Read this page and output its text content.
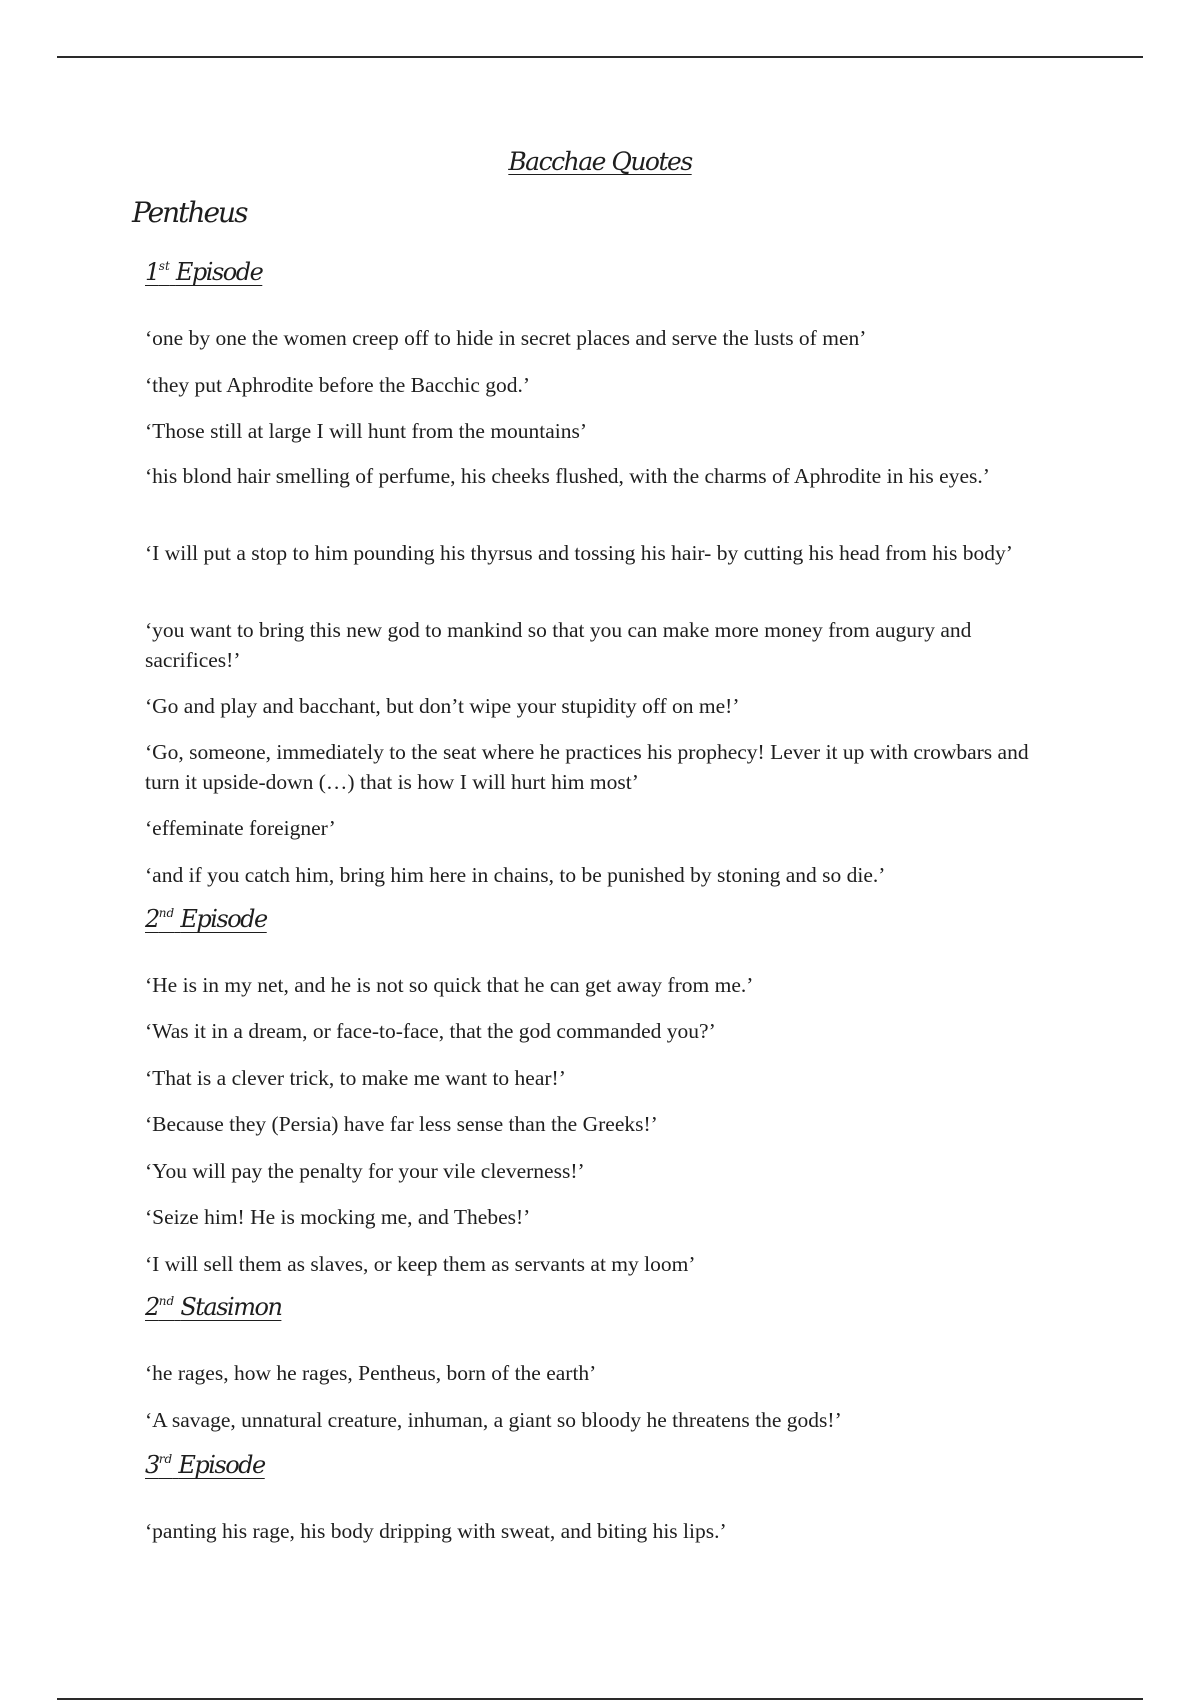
Bacchae Quotes
Pentheus
1st Episode

‘one by one the women creep off to hide in secret places and serve the lusts of men’

‘they put Aphrodite before the Bacchic god.’

‘Those still at large I will hunt from the mountains’

‘his blond hair smelling of perfume, his cheeks flushed, with the charms of Aphrodite in his eyes.’

‘I will put a stop to him pounding his thyrsus and tossing his hair- by cutting his head from his body’

‘you want to bring this new god to mankind so that you can make more money from augury and sacrifices!’

‘Go and play and bacchant, but don’t wipe your stupidity off on me!’

‘Go, someone, immediately to the seat where he practices his prophecy! Lever it up with crowbars and turn it upside-down (…) that is how I will hurt him most’

‘effeminate foreigner’

‘and if you catch him, bring him here in chains, to be punished by stoning and so die.’

2nd Episode

‘He is in my net, and he is not so quick that he can get away from me.’

‘Was it in a dream, or face-to-face, that the god commanded you?’

‘That is a clever trick, to make me want to hear!’

‘Because they (Persia) have far less sense than the Greeks!’

‘You will pay the penalty for your vile cleverness!’

‘Seize him! He is mocking me, and Thebes!’

‘I will sell them as slaves, or keep them as servants at my loom’

2nd Stasimon

‘he rages, how he rages, Pentheus, born of the earth’

‘A savage, unnatural creature, inhuman, a giant so bloody he threatens the gods!’

3rd Episode

‘panting his rage, his body dripping with sweat, and biting his lips.’
